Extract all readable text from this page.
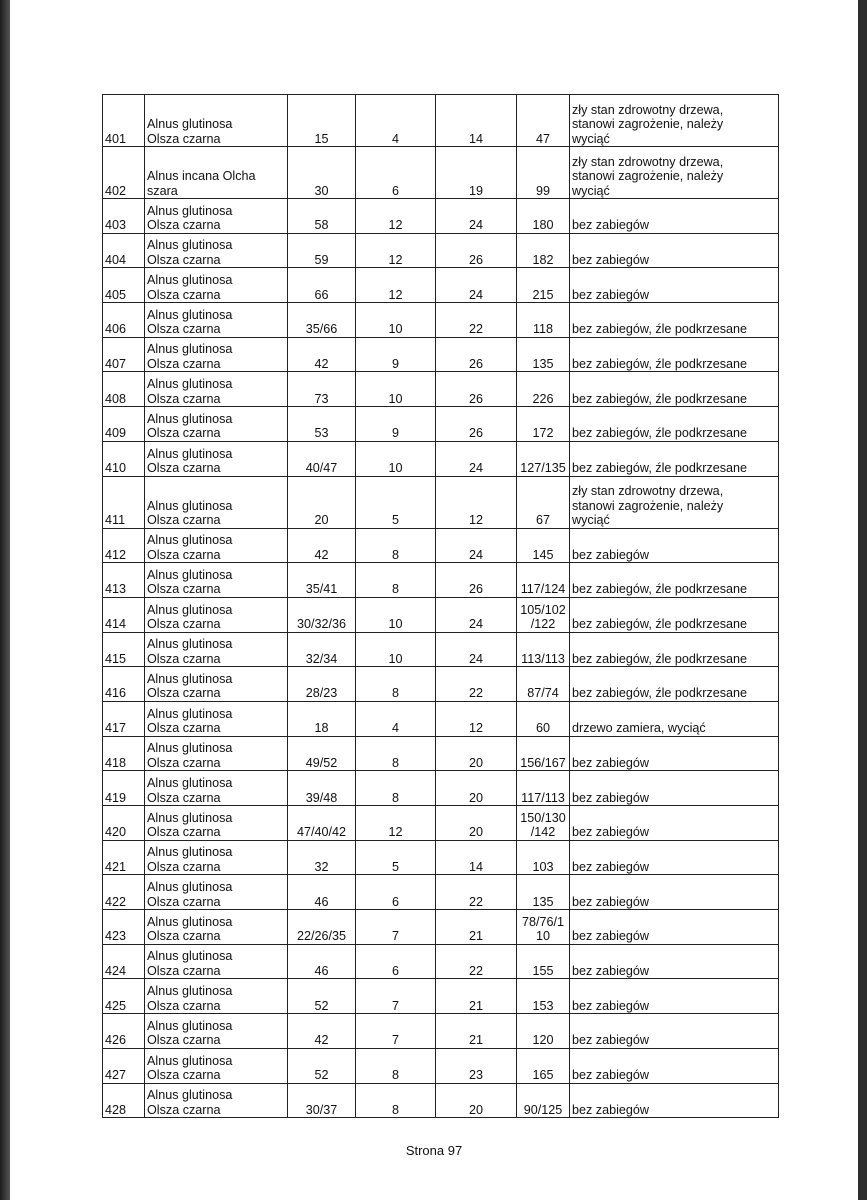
401	Alnus glutinosa
Olsza czarna	15	4	14	47	zły stan zdrowotny drzewa,
stanowi zagrożenie, należy
wyciąć
402	Alnus incana Olcha
szara	30	6	19	99	zły stan zdrowotny drzewa,
stanowi zagrożenie, należy
wyciąć
403	Alnus glutinosa
Olsza czarna	58	12	24	180	bez zabiegów
404	Alnus glutinosa
Olsza czarna	59	12	26	182	bez zabiegów
405	Alnus glutinosa
Olsza czarna	66	12	24	215	bez zabiegów
406	Alnus glutinosa
Olsza czarna	35/66	10	22	118	bez zabiegów, źle podkrzesane
407	Alnus glutinosa
Olsza czarna	42	9	26	135	bez zabiegów, źle podkrzesane
408	Alnus glutinosa
Olsza czarna	73	10	26	226	bez zabiegów, źle podkrzesane
409	Alnus glutinosa
Olsza czarna	53	9	26	172	bez zabiegów, źle podkrzesane
410	Alnus glutinosa
Olsza czarna	40/47	10	24	127/135	bez zabiegów, źle podkrzesane
411	Alnus glutinosa
Olsza czarna	20	5	12	67	zły stan zdrowotny drzewa,
stanowi zagrożenie, należy
wyciąć
412	Alnus glutinosa
Olsza czarna	42	8	24	145	bez zabiegów
413	Alnus glutinosa
Olsza czarna	35/41	8	26	117/124	bez zabiegów, źle podkrzesane
414	Alnus glutinosa
Olsza czarna	30/32/36	10	24	105/102
/122	bez zabiegów, źle podkrzesane
415	Alnus glutinosa
Olsza czarna	32/34	10	24	113/113	bez zabiegów, źle podkrzesane
416	Alnus glutinosa
Olsza czarna	28/23	8	22	87/74	bez zabiegów, źle podkrzesane
417	Alnus glutinosa
Olsza czarna	18	4	12	60	drzewo zamiera, wyciąć
418	Alnus glutinosa
Olsza czarna	49/52	8	20	156/167	bez zabiegów
419	Alnus glutinosa
Olsza czarna	39/48	8	20	117/113	bez zabiegów
420	Alnus glutinosa
Olsza czarna	47/40/42	12	20	150/130
/142	bez zabiegów
421	Alnus glutinosa
Olsza czarna	32	5	14	103	bez zabiegów
422	Alnus glutinosa
Olsza czarna	46	6	22	135	bez zabiegów
423	Alnus glutinosa
Olsza czarna	22/26/35	7	21	78/76/1
10	bez zabiegów
424	Alnus glutinosa
Olsza czarna	46	6	22	155	bez zabiegów
425	Alnus glutinosa
Olsza czarna	52	7	21	153	bez zabiegów
426	Alnus glutinosa
Olsza czarna	42	7	21	120	bez zabiegów
427	Alnus glutinosa
Olsza czarna	52	8	23	165	bez zabiegów
428	Alnus glutinosa
Olsza czarna	30/37	8	20	90/125	bez zabiegów
Strona 97
